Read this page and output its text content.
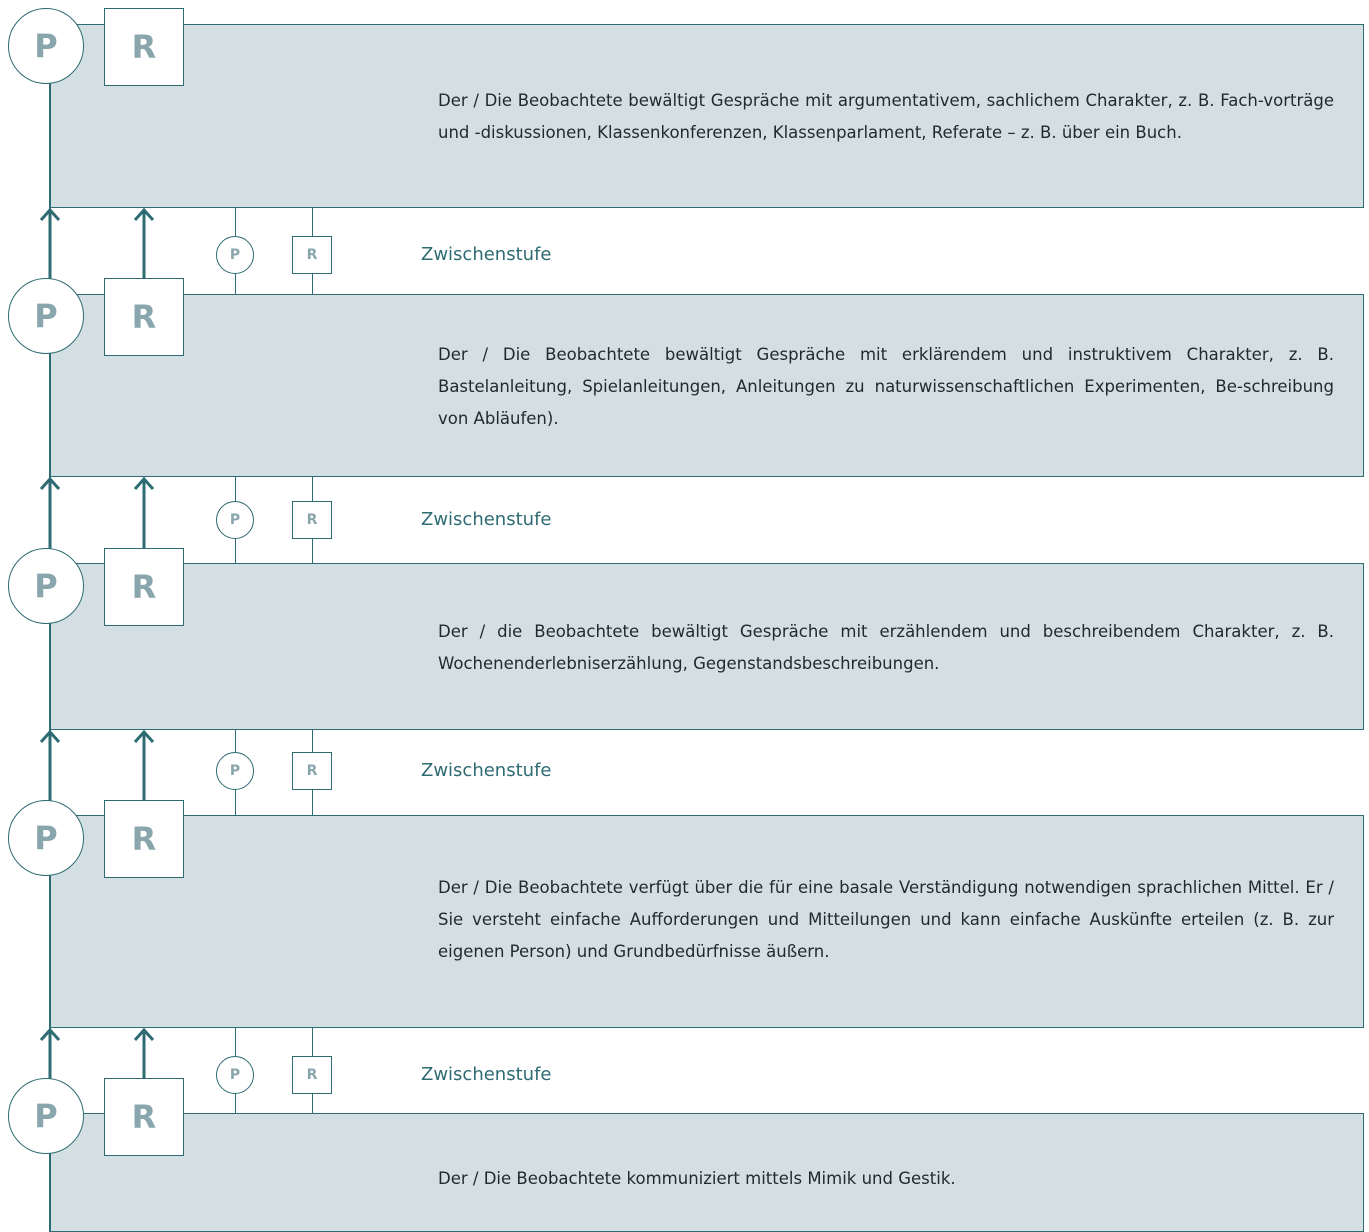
Der / Die Beobachtete bewältigt Gespräche mit argumentativem, sachlichem Charakter, z. B. Fach-vorträge und -diskussionen, Klassenkonferenzen, Klassenparlament, Referate – z. B. über ein Buch.
Der / Die Beobachtete bewältigt Gespräche mit erklärendem und instruktivem Charakter, z. B. Bastelanleitung, Spielanleitungen, Anleitungen zu naturwissenschaftlichen Experimenten, Be-schreibung von Abläufen).
Der / die Beobachtete bewältigt Gespräche mit erzählendem und beschreibendem Charakter, z. B. Wochenenderlebniserzählung, Gegenstandsbeschreibungen.
Der / Die Beobachtete verfügt über die für eine basale Verständigung notwendigen sprachlichen Mittel. Er / Sie versteht einfache Aufforderungen und Mitteilungen und kann einfache Auskünfte erteilen (z. B. zur eigenen Person) und Grundbedürfnisse äußern.
Der / Die Beobachtete kommuniziert mittels Mimik und Gestik.
P	R	Zwischenstufe
P	R	Zwischenstufe
P	R	Zwischenstufe
P	R	Zwischenstufe
P	R
P	R
P	R
P	R
P	R
